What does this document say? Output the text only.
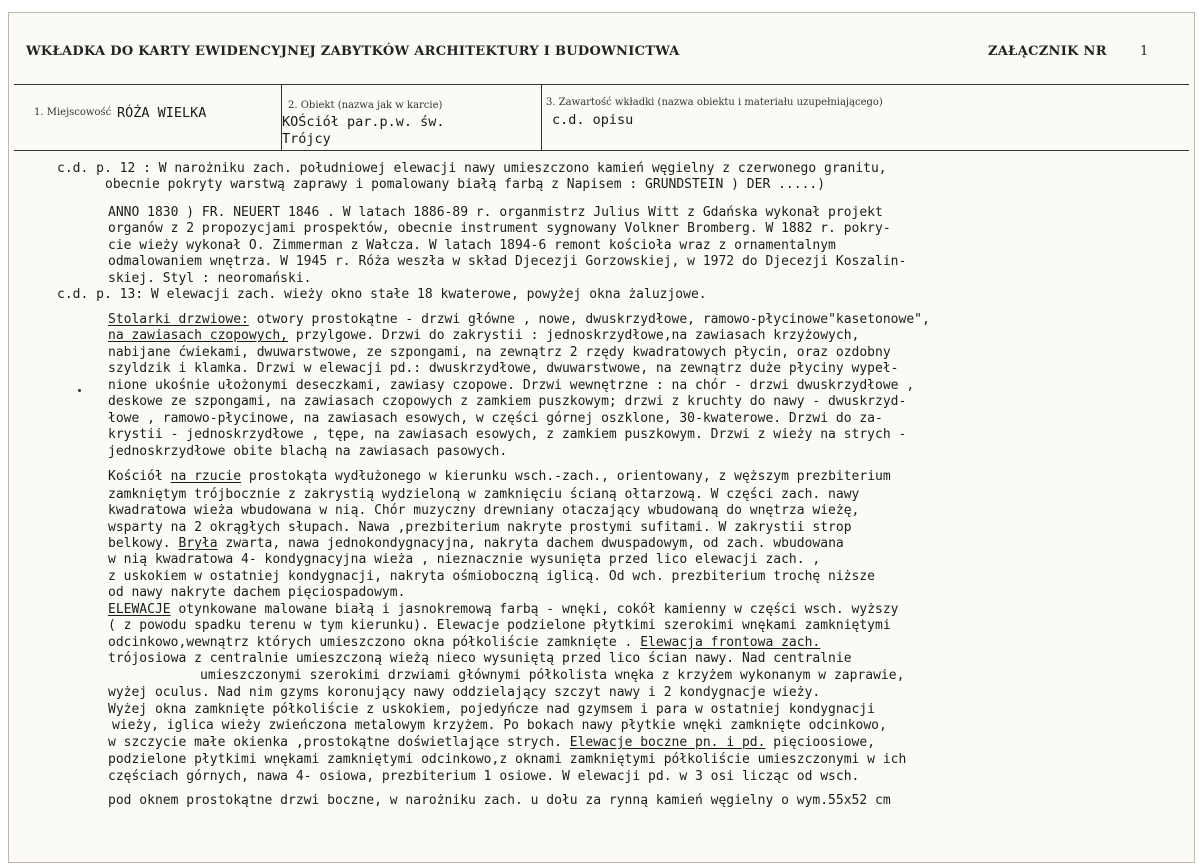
WKŁADKA DO KARTY EWIDENCYJNEJ ZABYTKÓW ARCHITEKTURY I BUDOWNICTWA	ZAŁĄCZNIK NR	1
1. Miejscowość RÓŻA WIELKA	2. Obiekt (nazwa jak w karcie)
KOŚciół par.p.w. św.
Trójcy
3. Zawartość wkładki (nazwa obiektu i materiału uzupełniającego)
c.d. opisu
c.d. p. 12 : W narożniku zach. południowej elewacji nawy umieszczono kamień węgielny z czerwonego granitu,
obecnie pokryty warstwą zaprawy i pomalowany białą farbą z Napisem : GRUNDSTEIN ) DER .....)
ANNO 1830 ) FR. NEUERT 1846 . W latach 1886-89 r. organmistrz Julius Witt z Gdańska wykonał projekt
organów z 2 propozycjami prospektów, obecnie instrument sygnowany Volkner Bromberg. W 1882 r. pokry-
cie wieży wykonał O. Zimmerman z Wałcza. W latach 1894-6 remont kościoła wraz z ornamentalnym
odmalowaniem wnętrza. W 1945 r. Róża weszła w skład Djecezji Gorzowskiej, w 1972 do Djecezji Koszalin-
skiej. Styl : neoromański.
c.d. p. 13: W elewacji zach. wieży okno stałe 18 kwaterowe, powyżej okna żaluzjowe.
Stolarki drzwiowe: otwory prostokątne - drzwi główne , nowe, dwuskrzydłowe, ramowo-płycinowe"kasetonowe",
na zawiasach czopowych, przylgowe. Drzwi do zakrystii : jednoskrzydłowe,na zawiasach krzyżowych,
nabijane ćwiekami, dwuwarstwowe, ze szpongami, na zewnątrz 2 rzędy kwadratowych płycin, oraz ozdobny
szyldzik i klamka. Drzwi w elewacji pd.: dwuskrzydłowe, dwuwarstwowe, na zewnątrz duże płyciny wypeł-
nione ukośnie ułożonymi deseczkami, zawiasy czopowe. Drzwi wewnętrzne : na chór - drzwi dwuskrzydłowe ,
deskowe ze szpongami, na zawiasach czopowych z zamkiem puszkowym; drzwi z kruchty do nawy - dwuskrzyd-
łowe , ramowo-płycinowe, na zawiasach esowych, w części górnej oszklone, 30-kwaterowe. Drzwi do za-
krystii - jednoskrzydłowe , tępe, na zawiasach esowych, z zamkiem puszkowym. Drzwi z wieży na strych -
jednoskrzydłowe obite blachą na zawiasach pasowych.
Kościół na rzucie prostokąta wydłużonego w kierunku wsch.-zach., orientowany, z węższym prezbiterium
zamkniętym trójbocznie z zakrystią wydzieloną w zamknięciu ścianą ołtarzową. W części zach. nawy
kwadratowa wieża wbudowana w nią. Chór muzyczny drewniany otaczający wbudowaną do wnętrza wieżę,
wsparty na 2 okrągłych słupach. Nawa ,prezbiterium nakryte prostymi sufitami. W zakrystii strop
belkowy. Bryła zwarta, nawa jednokondygnacyjna, nakryta dachem dwuspadowym, od zach. wbudowana
w nią kwadratowa 4- kondygnacyjna wieża , nieznacznie wysunięta przed lico elewacji zach. ,
z uskokiem w ostatniej kondygnacji, nakryta ośmioboczną iglicą. Od wch. prezbiterium trochę niższe
od nawy nakryte dachem pięciospadowym.
ELEWACJE otynkowane malowane białą i jasnokremową farbą - wnęki, cokół kamienny w części wsch. wyższy
( z powodu spadku terenu w tym kierunku). Elewacje podzielone płytkimi szerokimi wnękami zamkniętymi
odcinkowo,wewnątrz których umieszczono okna półkoliście zamknięte . Elewacja frontowa zach.
trójosiowa z centralnie umieszczoną wieżą nieco wysuniętą przed lico ścian nawy. Nad centralnie
umieszczonymi szerokimi drzwiami głównymi półkolista wnęka z krzyżem wykonanym w zaprawie,
wyżej oculus. Nad nim gzyms koronujący nawy oddzielający szczyt nawy i 2 kondygnacje wieży.
Wyżej okna zamknięte półkoliście z uskokiem, pojedyńcze nad gzymsem i para w ostatniej kondygnacji
wieży, iglica wieży zwieńczona metalowym krzyżem. Po bokach nawy płytkie wnęki zamknięte odcinkowo,
w szczycie małe okienka ,prostokątne doświetlające strych. Elewacje boczne pn. i pd. pięcioosiowe,
podzielone płytkimi wnękami zamkniętymi odcinkowo,z oknami zamkniętymi półkoliście umieszczonymi w ich
częściach górnych, nawa 4- osiowa, prezbiterium 1 osiowe. W elewacji pd. w 3 osi licząc od wsch.
pod oknem prostokątne drzwi boczne, w narożniku zach. u dołu za rynną kamień węgielny o wym.55x52 cm
